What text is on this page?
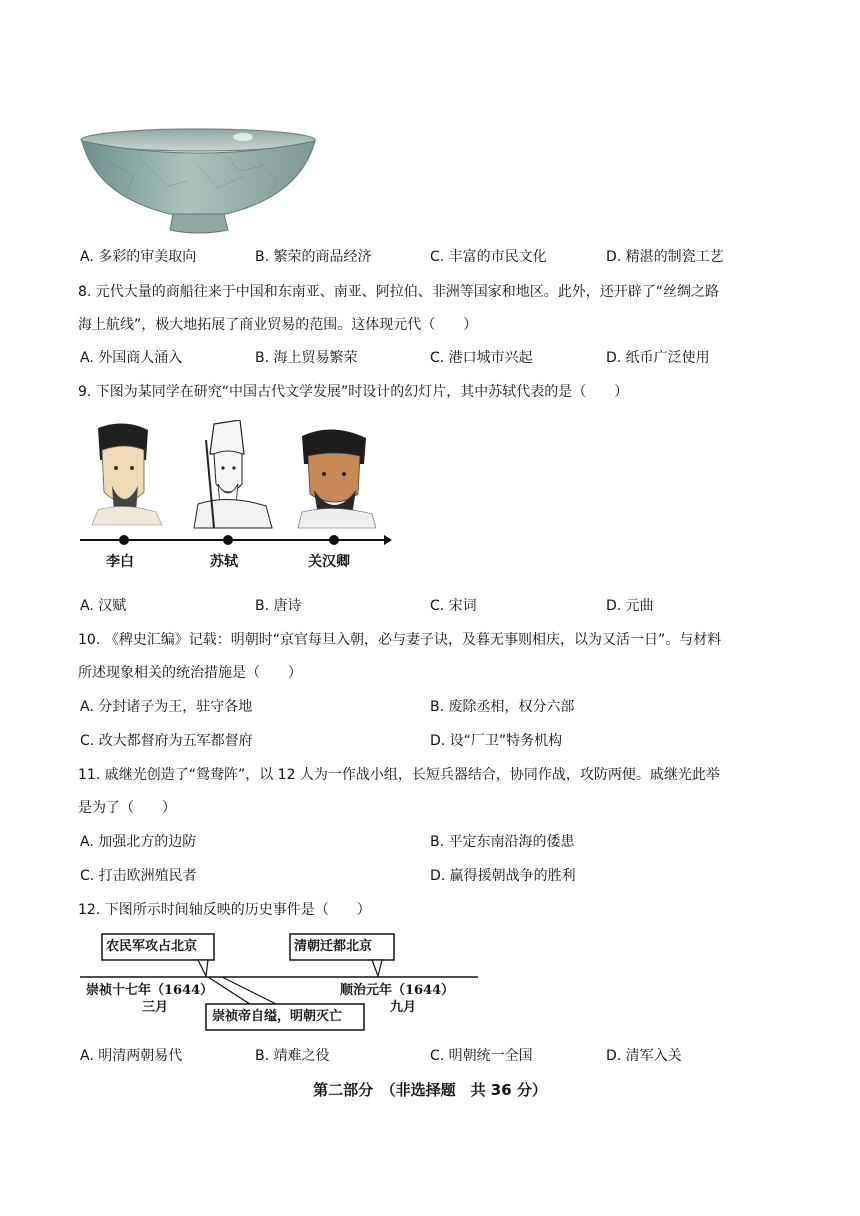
A. 多彩的审美取向	B. 繁荣的商品经济	C. 丰富的市民文化	D. 精湛的制瓷工艺
8. 元代大量的商船往来于中国和东南亚、南亚、阿拉伯、非洲等国家和地区。此外，还开辟了“丝绸之路
海上航线”，极大地拓展了商业贸易的范围。这体现元代（　　）
A. 外国商人涌入	B. 海上贸易繁荣	C. 港口城市兴起	D. 纸币广泛使用
9. 下图为某同学在研究“中国古代文学发展”时设计的幻灯片，其中苏轼代表的是（　　）
李白	苏轼	关汉卿
A. 汉赋	B. 唐诗	C. 宋词	D. 元曲
10. 《稗史汇编》记载：明朝时“京官每旦入朝，必与妻子诀，及暮无事则相庆，以为又活一日”。与材料
所述现象相关的统治措施是（　　）
A. 分封诸子为王，驻守各地	B. 废除丞相，权分六部
C. 改大都督府为五军都督府	D. 设“厂卫”特务机构
11. 戚继光创造了“鸳鸯阵”，以 12 人为一作战小组，长短兵器结合，协同作战，攻防两便。戚继光此举
是为了（　　）
A. 加强北方的边防	B. 平定东南沿海的倭患
C. 打击欧洲殖民者	D. 赢得援朝战争的胜利
12. 下图所示时间轴反映的历史事件是（　　）
农民军攻占北京	清朝迁都北京
崇祯帝自缢，明朝灭亡
崇祯十七年（1644）
三月
顺治元年（1644）
九月
A. 明清两朝易代	B. 靖难之役	C. 明朝统一全国	D. 清军入关
第二部分　（非选择题　共 36 分）
